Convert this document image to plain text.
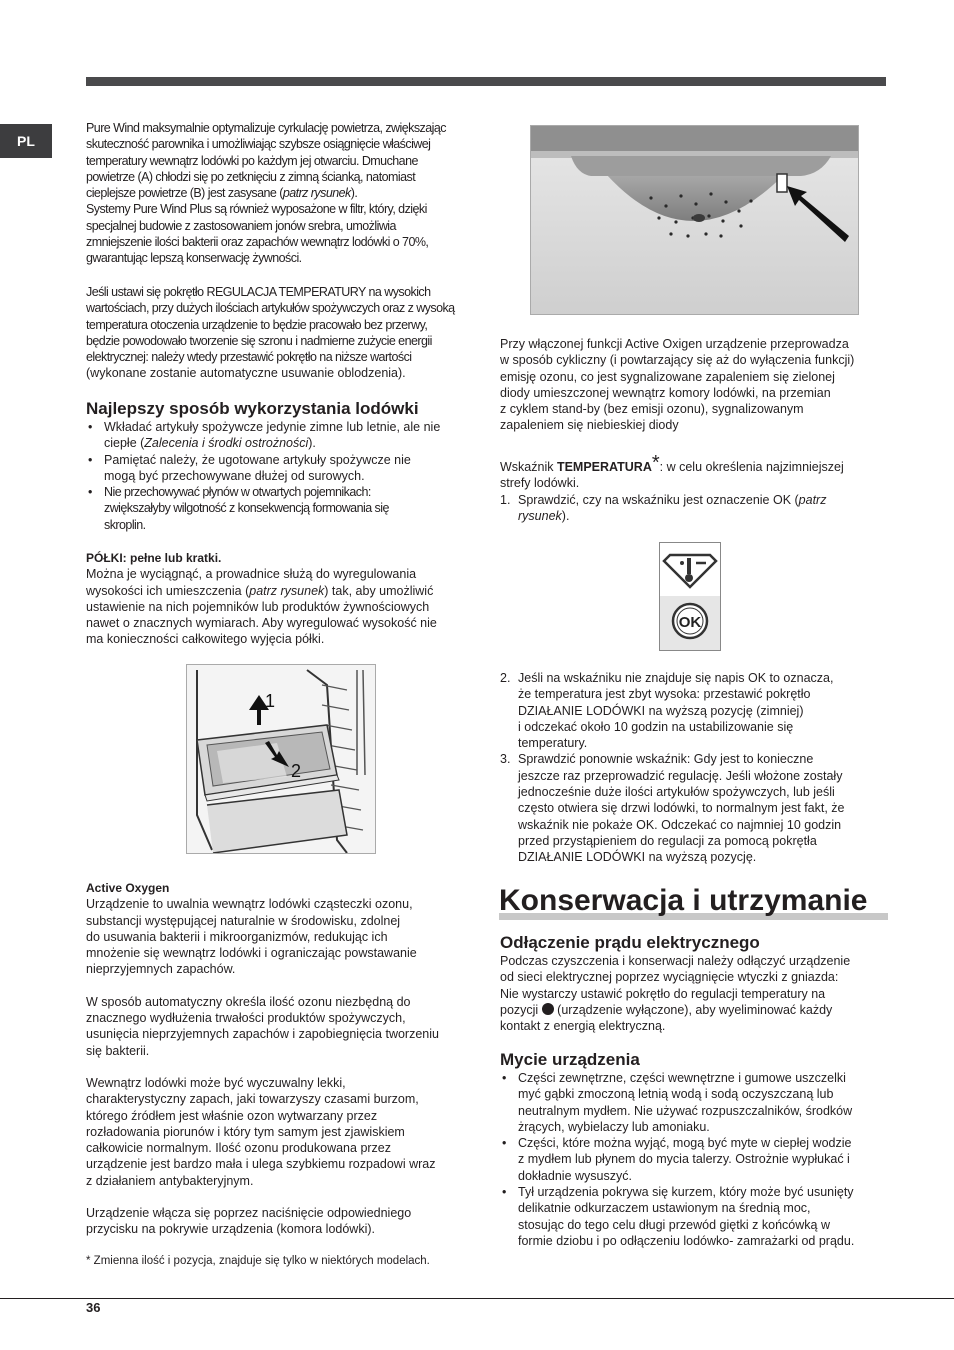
PL

Pure Wind maksymalnie optymalizuje cyrkulację powietrza, zwiększając

skuteczność parownika i umożliwiając szybsze osiągnięcie właściwej

temperatury wewnątrz lodówki po każdym jej otwarciu. Dmuchane

powietrze (A) chłodzi się po zetknięciu z zimną ścianką, natomiast

cieplejsze powietrze (B) jest zasysane (patrz rysunek).

Systemy Pure Wind Plus są również wyposażone w filtr, który, dzięki

specjalnej budowie z zastosowaniem jonów srebra, umożliwia

zmniejszenie ilości bakterii oraz zapachów wewnątrz lodówki o 70%,

gwarantując lepszą konserwację żywności.

Jeśli ustawi się pokrętło REGULACJA TEMPERATURY na wysokich

wartościach, przy dużych ilościach artykułów spożywczych oraz z wysoką

temperatura otoczenia urządzenie to będzie pracowało bez przerwy,

będzie powodowało tworzenie się szronu i nadmierne zużycie energii

elektrycznej: należy wtedy przestawić pokrętło na niższe wartości

(wykonane zostanie automatyczne usuwanie oblodzenia).

Najlepszy sposób wykorzystania lodówki

• Wkładać artykuły spożywcze jedynie zimne lub letnie, ale nie
ciepłe (Zalecenia i środki ostrożności).
• Pamiętać należy, że ugotowane artykuły spożywcze nie
mogą być przechowywane dłużej od surowych.
• Nie przechowywać płynów w otwartych pojemnikach:
zwiększałyby wilgotność z konsekwencją formowania się
skroplin.

PÓŁKI: pełne lub kratki.

Można je wyciągnąć, a prowadnice służą do wyregulowania

wysokości ich umieszczenia (patrz rysunek) tak, aby umożliwić

ustawienie na nich pojemników lub produktów żywnościowych

nawet o znacznych wymiarach. Aby wyregulować wysokość nie

ma konieczności całkowitego wyjęcia półki.

1
2

Active Oxygen

Urządzenie to uwalnia wewnątrz lodówki cząsteczki ozonu,

substancji występującej naturalnie w środowisku, zdolnej

do usuwania bakterii i mikroorganizmów, redukując ich

mnożenie się wewnątrz lodówki i ograniczając powstawanie

nieprzyjemnych zapachów.

W sposób automatyczny określa ilość ozonu niezbędną do

znacznego wydłużenia trwałości produktów spożywczych,

usunięcia nieprzyjemnych zapachów i zapobiegnięcia tworzeniu

się bakterii.

Wewnątrz lodówki może być wyczuwalny lekki,

charakterystyczny zapach, jaki towarzyszy czasami burzom,

którego źródłem jest właśnie ozon wytwarzany przez

rozładowania piorunów i który tym samym jest zjawiskiem

całkowicie normalnym. Ilość ozonu produkowana przez

urządzenie jest bardzo mała i ulega szybkiemu rozpadowi wraz

z działaniem antybakteryjnym.

Urządzenie włącza się poprzez naciśnięcie odpowiedniego

przycisku na pokrywie urządzenia (komora lodówki).

* Zmienna ilość i pozycja, znajduje się tylko w niektórych modelach.

Przy włączonej funkcji Active Oxigen urządzenie przeprowadza

w sposób cykliczny (i powtarzający się aż do wyłączenia funkcji)

emisję ozonu, co jest sygnalizowane zapaleniem się zielonej

diody umieszczonej wewnątrz komory lodówki, na przemian

z cyklem stand-by (bez emisji ozonu), sygnalizowanym

zapaleniem się niebieskiej diody

Wskaźnik TEMPERATURA*: w celu określenia najzimniejszej

strefy lodówki.

1. Sprawdzić, czy na wskaźniku jest oznaczenie OK (patrz
rysunek).
OK
2. Jeśli na wskaźniku nie znajduje się napis OK to oznacza,
że temperatura jest zbyt wysoka: przestawić pokrętło
DZIAŁANIE LODÓWKI na wyższą pozycję (zimniej)
i odczekać około 10 godzin na ustabilizowanie się
temperatury.
3. Sprawdzić ponownie wskaźnik: Gdy jest to konieczne
jeszcze raz przeprowadzić regulację. Jeśli włożone zostały
jednocześnie duże ilości artykułów spożywczych, lub jeśli
często otwiera się drzwi lodówki, to normalnym jest fakt, że
wskaźnik nie pokaże OK. Odczekać co najmniej 10 godzin
przed przystąpieniem do regulacji za pomocą pokrętła
DZIAŁANIE LODÓWKI na wyższą pozycję.
Konserwacja i utrzymanie

Odłączenie prądu elektrycznego

Podczas czyszczenia i konserwacji należy odłączyć urządzenie

od sieci elektrycznej poprzez wyciągnięcie wtyczki z gniazda:

Nie wystarczy ustawić pokrętło do regulacji temperatury na

pozycji  (urządzenie wyłączone), aby wyeliminować każdy

kontakt z energią elektryczną.

Mycie urządzenia

• Części zewnętrzne, części wewnętrzne i gumowe uszczelki
myć gąbki zmoczoną letnią wodą i sodą oczyszczaną lub
neutralnym mydłem. Nie używać rozpuszczalników, środków
żrących, wybielaczy lub amoniaku.
• Części, które można wyjąć, mogą być myte w ciepłej wodzie
z mydłem lub płynem do mycia talerzy. Ostrożnie wypłukać i
dokładnie wysuszyć.
• Tył urządzenia pokrywa się kurzem, który może być usunięty
delikatnie odkurzaczem ustawionym na średnią moc,
stosując do tego celu długi przewód giętki z końcówką w
formie dziobu i po odłączeniu lodówko- zamrażarki od prądu.
36
